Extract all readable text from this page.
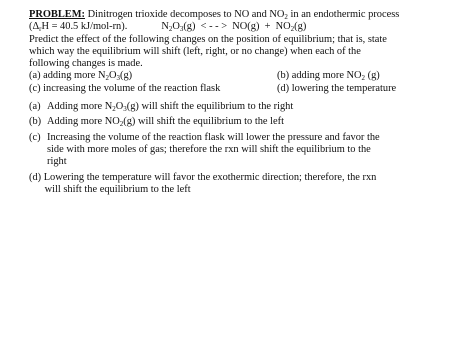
PROBLEM: Dinitrogen trioxide decomposes to NO and $NO_2$ in an endothermic process
($\Delta_rH = 40.5$ kJ/mol-rn).	$N_2O_3(g)$  < - - >  $NO(g) + NO_2(g)$
Predict the effect of the following changes on the position of equilibrium; that is, state
which way the equilibrium will shift (left, right, or no change) when each of the
following changes is made.
(a) adding more $N_2O_3(g)$	(b) adding more $NO_2$ (g)
(c) increasing the volume of the reaction flask	(d) lowering the temperature
(a) Adding more $N_2O_3(g)$ will shift the equilibrium to the right
(b) Adding more $NO_2(g)$ will shift the equilibrium to the left
(c) Increasing the volume of the reaction flask will lower the pressure and favor the
side with more moles of gas; therefore the rxn will shift the equilibrium to the
right
(d) Lowering the temperature will favor the exothermic direction; therefore, the rxn
will shift the equilibrium to the left
